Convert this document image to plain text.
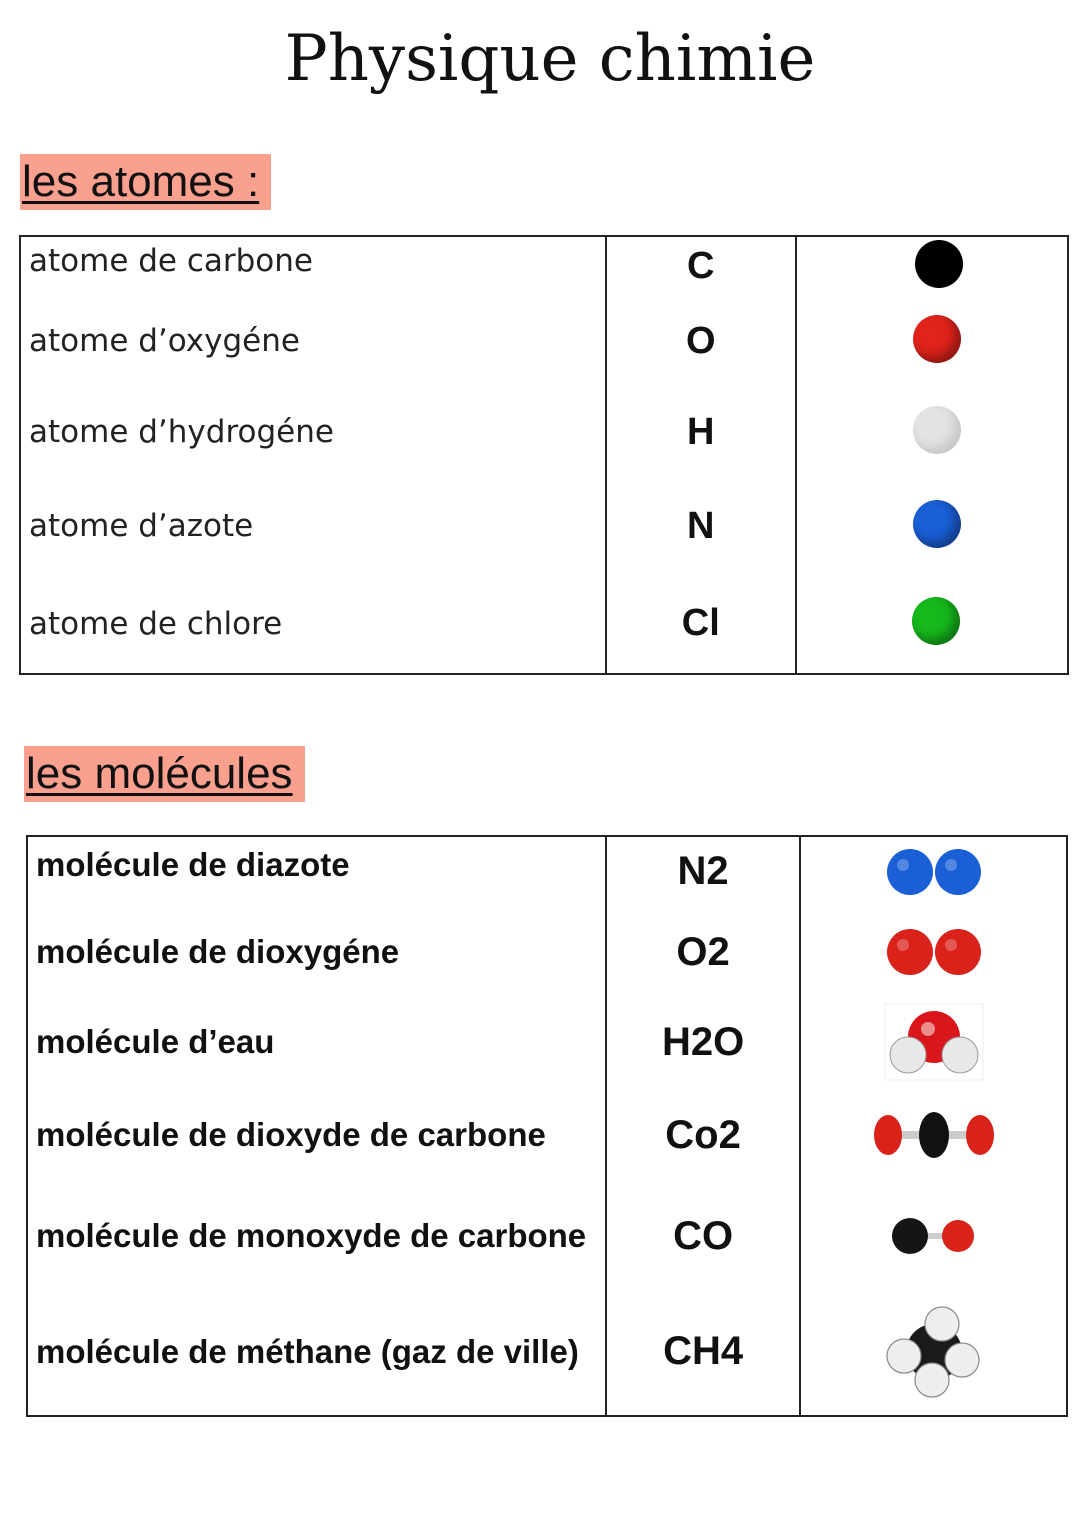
Physique chimie
les atomes :
atome de carbone	C	
atome d’oxygéne	O	
atome d’hydrogéne	H	
atome d’azote	N	
atome de chlore	Cl	
les molécules
molécule de diazote	N2	
molécule de dioxygéne	O2	
molécule d’eau	H2O	
molécule de dioxyde de carbone	Co2	
molécule de monoxyde de carbone	CO	
molécule de méthane (gaz de ville)	CH4	
